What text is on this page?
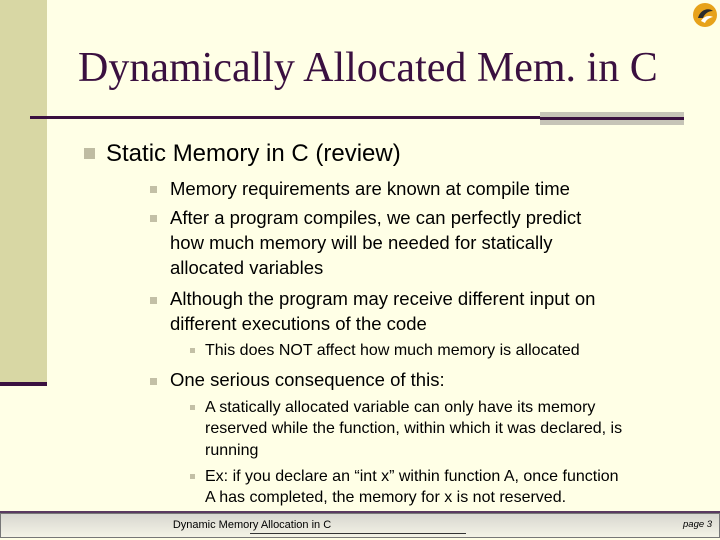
Dynamically Allocated Mem. in C
Static Memory in C (review)
Memory requirements are known at compile time
After a program compiles, we can perfectly predict
how much memory will be needed for statically
allocated variables
Although the program may receive different input on
different executions of the code
This does NOT affect how much memory is allocated
One serious consequence of this:
A statically allocated variable can only have its memory
reserved while the function, within which it was declared, is
running
Ex: if you declare an “int x” within function A, once function
A has completed, the memory for x is not reserved.
Dynamic Memory Allocation in C	page 3
